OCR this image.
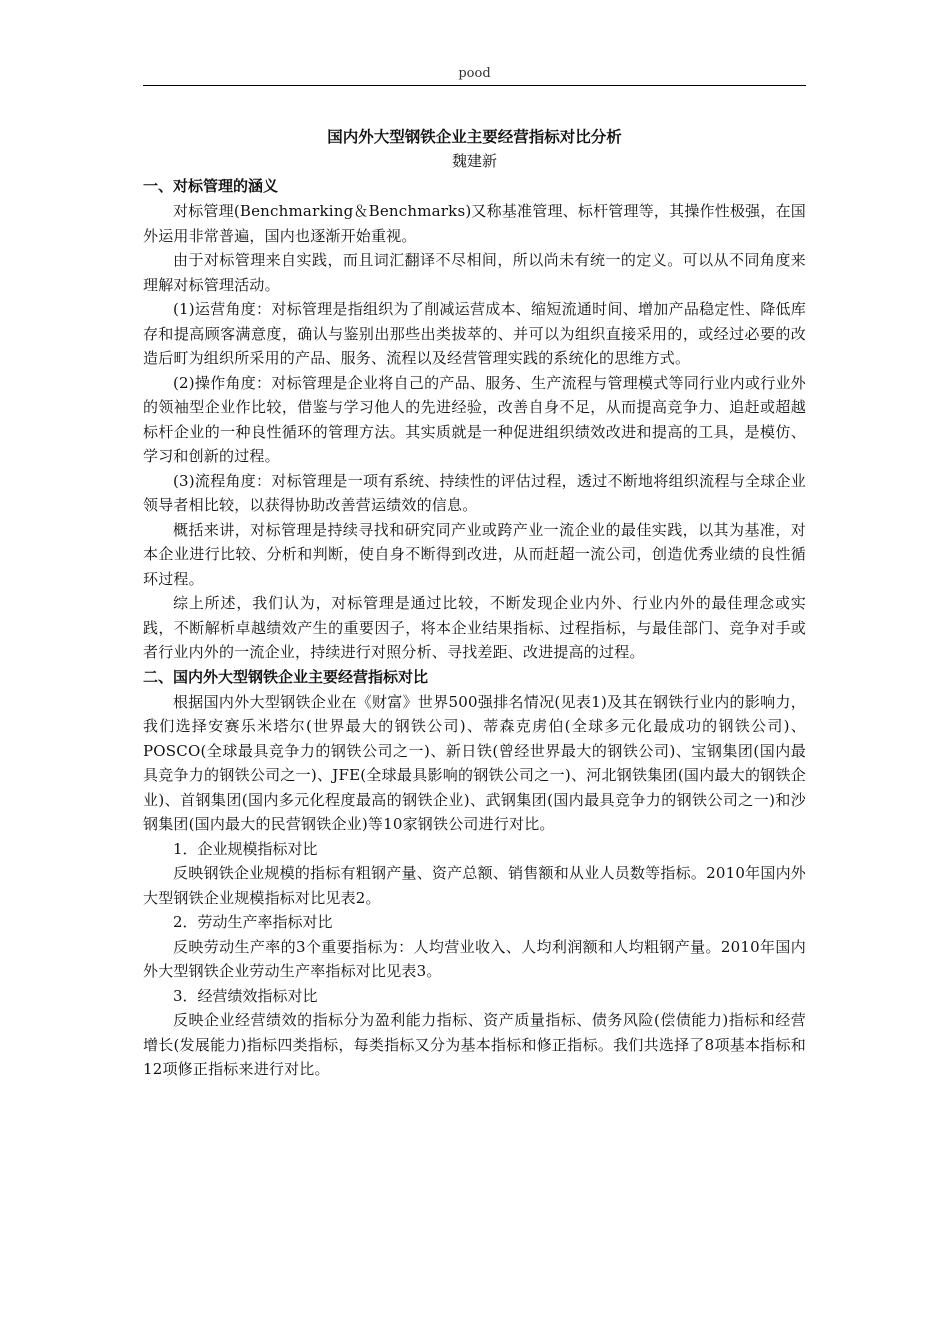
pood

国内外大型钢铁企业主要经营指标对比分析

魏建新

一、对标管理的涵义

对标管理(Benchmarking＆Benchmarks)又称基准管理、标杆管理等，其操作性极强，在国外运用非常普遍，国内也逐渐开始重视。

由于对标管理来自实践，而且词汇翻译不尽相间，所以尚未有统一的定义。可以从不同角度来理解对标管理活动。

(1)运营角度：对标管理是指组织为了削减运营成本、缩短流通时间、增加产品稳定性、降低库存和提高顾客满意度，确认与鉴别出那些出类拔萃的、并可以为组织直接采用的，或经过必要的改造后町为组织所采用的产品、服务、流程以及经营管理实践的系统化的思维方式。

(2)操作角度：对标管理是企业将自己的产品、服务、生产流程与管理模式等同行业内或行业外的领袖型企业作比较，借鉴与学习他人的先进经验，改善自身不足，从而提高竞争力、追赶或超越标杆企业的一种良性循环的管理方法。其实质就是一种促进组织绩效改进和提高的工具，是模仿、学习和创新的过程。

(3)流程角度：对标管理是一项有系统、持续性的评估过程，透过不断地将组织流程与全球企业领导者相比较，以获得协助改善营运绩效的信息。

概括来讲，对标管理是持续寻找和研究同产业或跨产业一流企业的最佳实践，以其为基准，对本企业进行比较、分析和判断，使自身不断得到改进，从而赶超一流公司，创造优秀业绩的良性循环过程。

综上所述，我们认为，对标管理是通过比较，不断发现企业内外、行业内外的最佳理念或实践，不断解析卓越绩效产生的重要因子，将本企业结果指标、过程指标，与最佳部门、竞争对手或者行业内外的一流企业，持续进行对照分析、寻找差距、改进提高的过程。

二、国内外大型钢铁企业主要经营指标对比

根据国内外大型钢铁企业在《财富》世界500强排名情况(见表1)及其在钢铁行业内的影响力，我们选择安赛乐米塔尔(世界最大的钢铁公司)、蒂森克虏伯(全球多元化最成功的钢铁公司)、POSCO(全球最具竞争力的钢铁公司之一)、新日铁(曾经世界最大的钢铁公司)、宝钢集团(国内最具竞争力的钢铁公司之一)、JFE(全球最具影响的钢铁公司之一)、河北钢铁集团(国内最大的钢铁企业)、首钢集团(国内多元化程度最高的钢铁企业)、武钢集团(国内最具竞争力的钢铁公司之一)和沙钢集团(国内最大的民营钢铁企业)等10家钢铁公司进行对比。

1．企业规模指标对比

反映钢铁企业规模的指标有粗钢产量、资产总额、销售额和从业人员数等指标。2010年国内外大型钢铁企业规模指标对比见表2。

2．劳动生产率指标对比

反映劳动生产率的3个重要指标为：人均营业收入、人均利润额和人均粗钢产量。2010年国内外大型钢铁企业劳动生产率指标对比见表3。

3．经营绩效指标对比

反映企业经营绩效的指标分为盈利能力指标、资产质量指标、债务风险(偿债能力)指标和经营增长(发展能力)指标四类指标，每类指标又分为基本指标和修正指标。我们共选择了8项基本指标和12项修正指标来进行对比。
